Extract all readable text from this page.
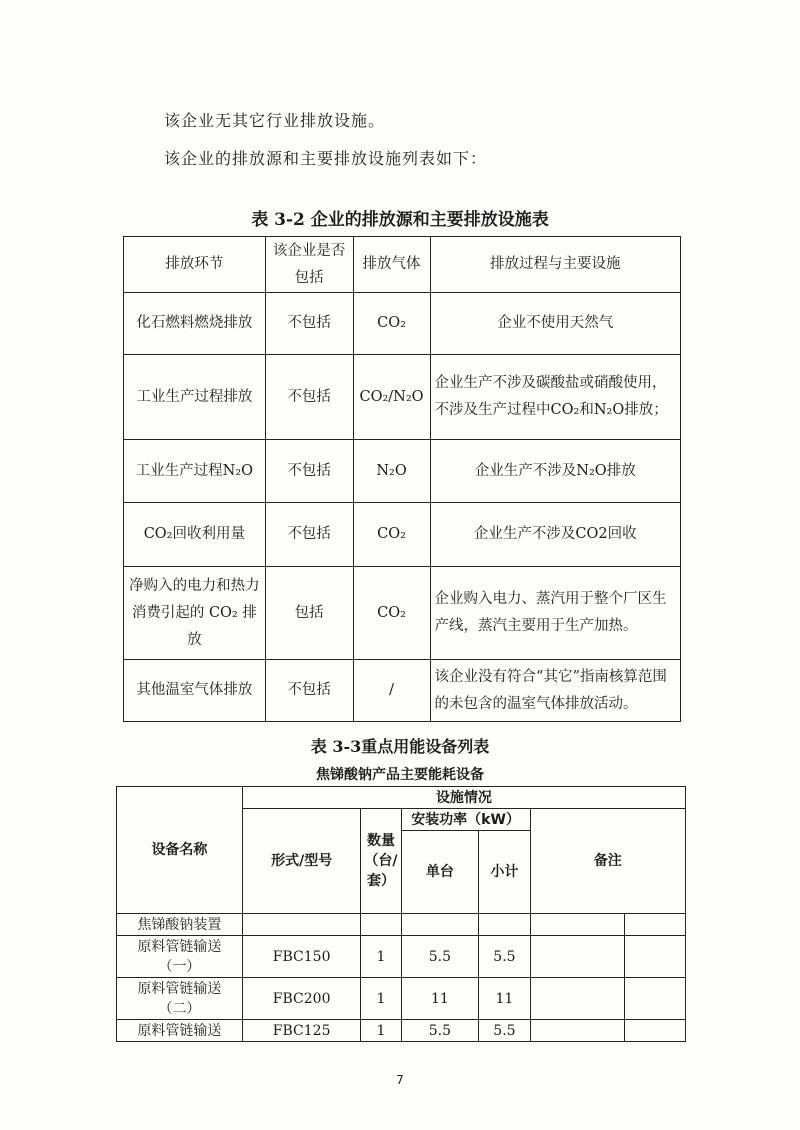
该企业无其它行业排放设施。
该企业的排放源和主要排放设施列表如下：
表 3-2 企业的排放源和主要排放设施表
排放环节	该企业是否包括	排放气体	排放过程与主要设施
化石燃料燃烧排放	不包括	CO₂	企业不使用天然气
工业生产过程排放	不包括	CO₂/N₂O	企业生产不涉及碳酸盐或硝酸使用，不涉及生产过程中CO₂和N₂O排放；
工业生产过程N₂O	不包括	N₂O	企业生产不涉及N₂O排放
CO₂回收利用量	不包括	CO₂	企业生产不涉及CO2回收
净购入的电力和热力消费引起的 CO₂ 排放	包括	CO₂	企业购入电力、蒸汽用于整个厂区生产线，蒸汽主要用于生产加热。
其他温室气体排放	不包括	/	该企业没有符合“其它”指南核算范围的未包含的温室气体排放活动。
表 3-3重点用能设备列表
焦锑酸钠产品主要能耗设备
设备名称	设施情况					
	形式/型号	数量（台/套）	安装功率（kW）		备注	
			单台	小计		
焦锑酸钠装置						
原料管链输送（一）	FBC150	1	5.5	5.5		
原料管链输送（二）	FBC200	1	11	11		
原料管链输送	FBC125	1	5.5	5.5		
7
